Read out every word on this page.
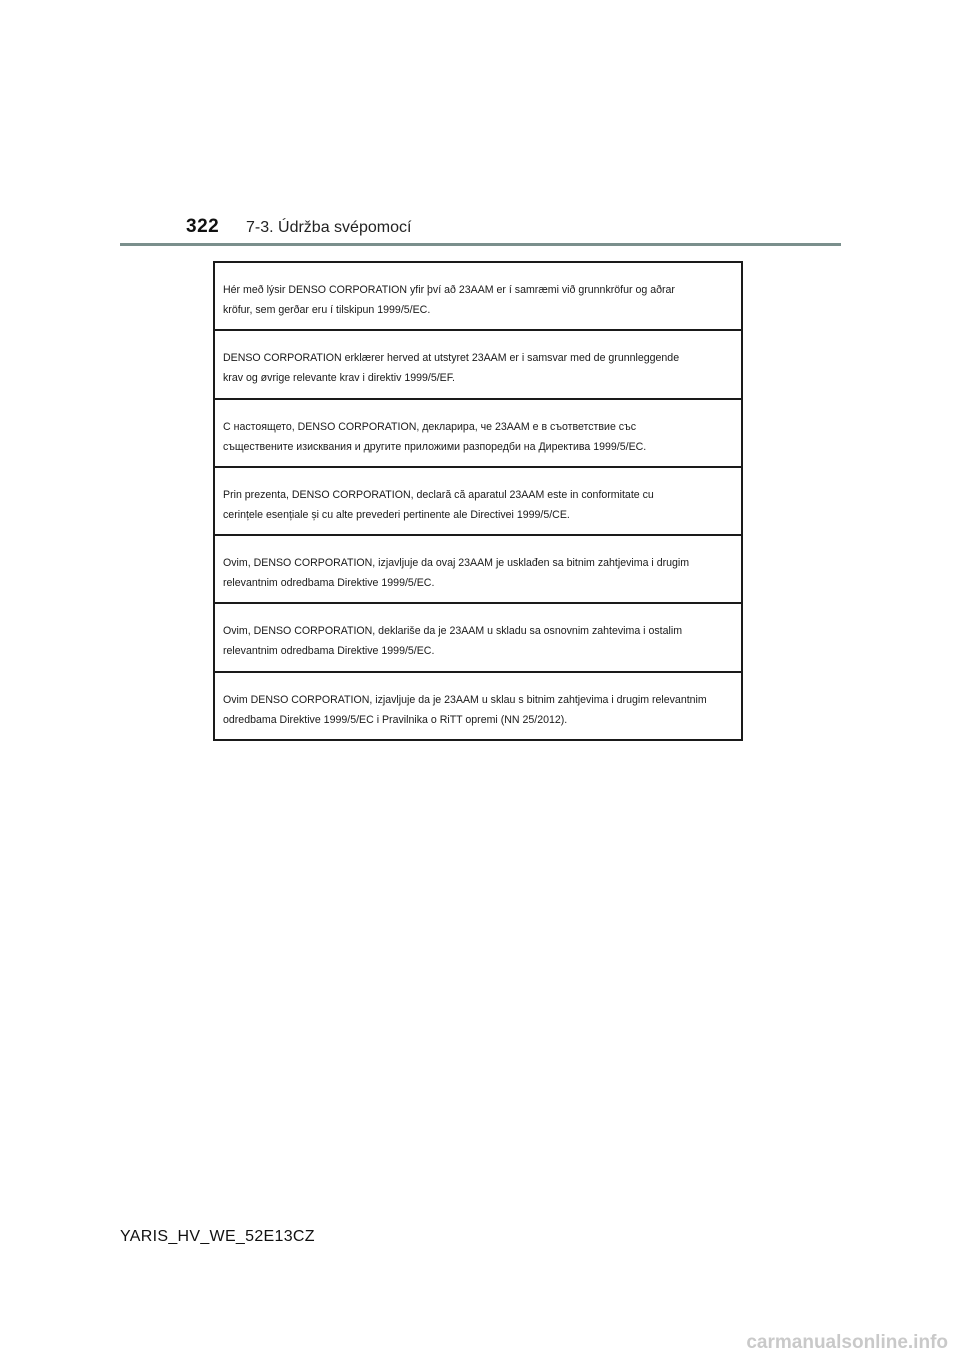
322 7-3. Údržba svépomocí
Hér með lýsir DENSO CORPORATION yfir því að 23AAM er í samræmi við grunnkröfur og aðrar
kröfur, sem gerðar eru í tilskipun 1999/5/EC.
DENSO CORPORATION erklærer herved at utstyret 23AAM er i samsvar med de grunnleggende
krav og øvrige relevante krav i direktiv 1999/5/EF.
С настоящето, DENSO CORPORATION, декларира, че 23AAM е в съответствие със
съществените изисквания и другите приложими разпоредби на Директива 1999/5/ЕС.
Prin prezenta, DENSO CORPORATION, declară că aparatul 23AAM este in conformitate cu
cerințele esențiale și cu alte prevederi pertinente ale Directivei 1999/5/CE.
Ovim, DENSO CORPORATION, izjavljuje da ovaj 23AAM je usklađen sa bitnim zahtjevima i drugim
relevantnim odredbama Direktive 1999/5/EC.
Ovim, DENSO CORPORATION, deklariše da je 23AAM u skladu sa osnovnim zahtevima i ostalim
relevantnim odredbama Direktive 1999/5/EC.
Ovim DENSO CORPORATION, izjavljuje da je 23AAM u sklau s bitnim zahtjevima i drugim relevantnim
odredbama Direktive 1999/5/EC i Pravilnika o RiTT opremi (NN 25/2012).
YARIS_HV_WE_52E13CZ
carmanualsonline.info
